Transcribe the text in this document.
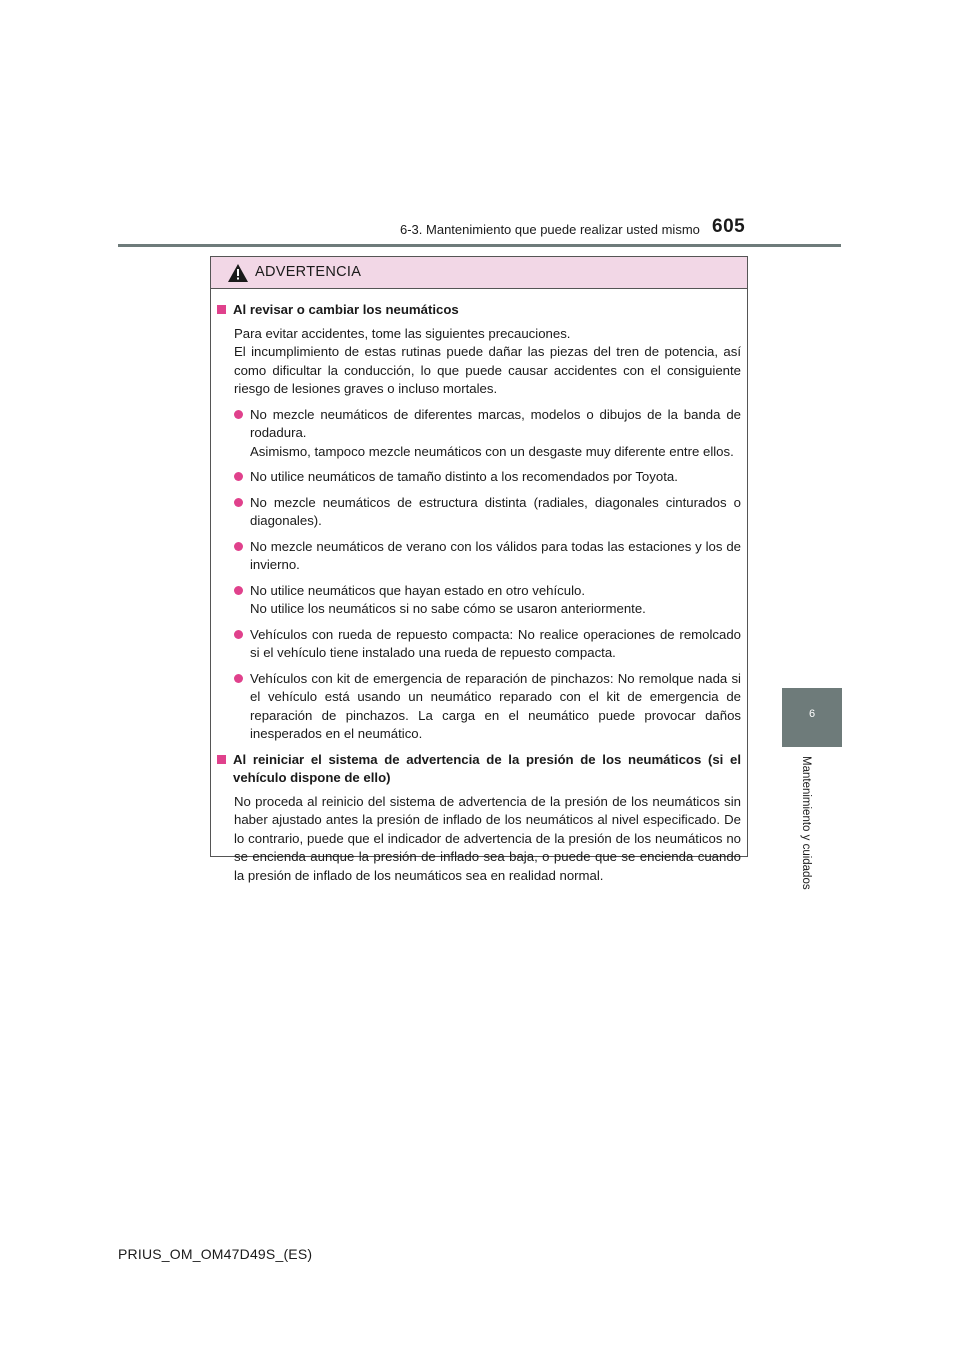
6-3. Mantenimiento que puede realizar usted mismo 605
6
Mantenimiento y cuidados
ADVERTENCIA
Al revisar o cambiar los neumáticos
Para evitar accidentes, tome las siguientes precauciones.
El incumplimiento de estas rutinas puede dañar las piezas del tren de potencia, así como dificultar la conducción, lo que puede causar accidentes con el consiguiente riesgo de lesiones graves o incluso mortales.
No mezcle neumáticos de diferentes marcas, modelos o dibujos de la banda de rodadura.
Asimismo, tampoco mezcle neumáticos con un desgaste muy diferente entre ellos.
No utilice neumáticos de tamaño distinto a los recomendados por Toyota.
No mezcle neumáticos de estructura distinta (radiales, diagonales cinturados o diagonales).
No mezcle neumáticos de verano con los válidos para todas las estaciones y los de invierno.
No utilice neumáticos que hayan estado en otro vehículo.
No utilice los neumáticos si no sabe cómo se usaron anteriormente.
Vehículos con rueda de repuesto compacta: No realice operaciones de remolcado si el vehículo tiene instalado una rueda de repuesto compacta.
Vehículos con kit de emergencia de reparación de pinchazos: No remolque nada si el vehículo está usando un neumático reparado con el kit de emergencia de reparación de pinchazos. La carga en el neumático puede provocar daños inesperados en el neumático.
Al reiniciar el sistema de advertencia de la presión de los neumáticos (si el vehículo dispone de ello)
No proceda al reinicio del sistema de advertencia de la presión de los neumáticos sin haber ajustado antes la presión de inflado de los neumáticos al nivel especificado. De lo contrario, puede que el indicador de advertencia de la presión de los neumáticos no se encienda aunque la presión de inflado sea baja, o puede que se encienda cuando la presión de inflado de los neumáticos sea en realidad normal.
PRIUS_OM_OM47D49S_(ES)
